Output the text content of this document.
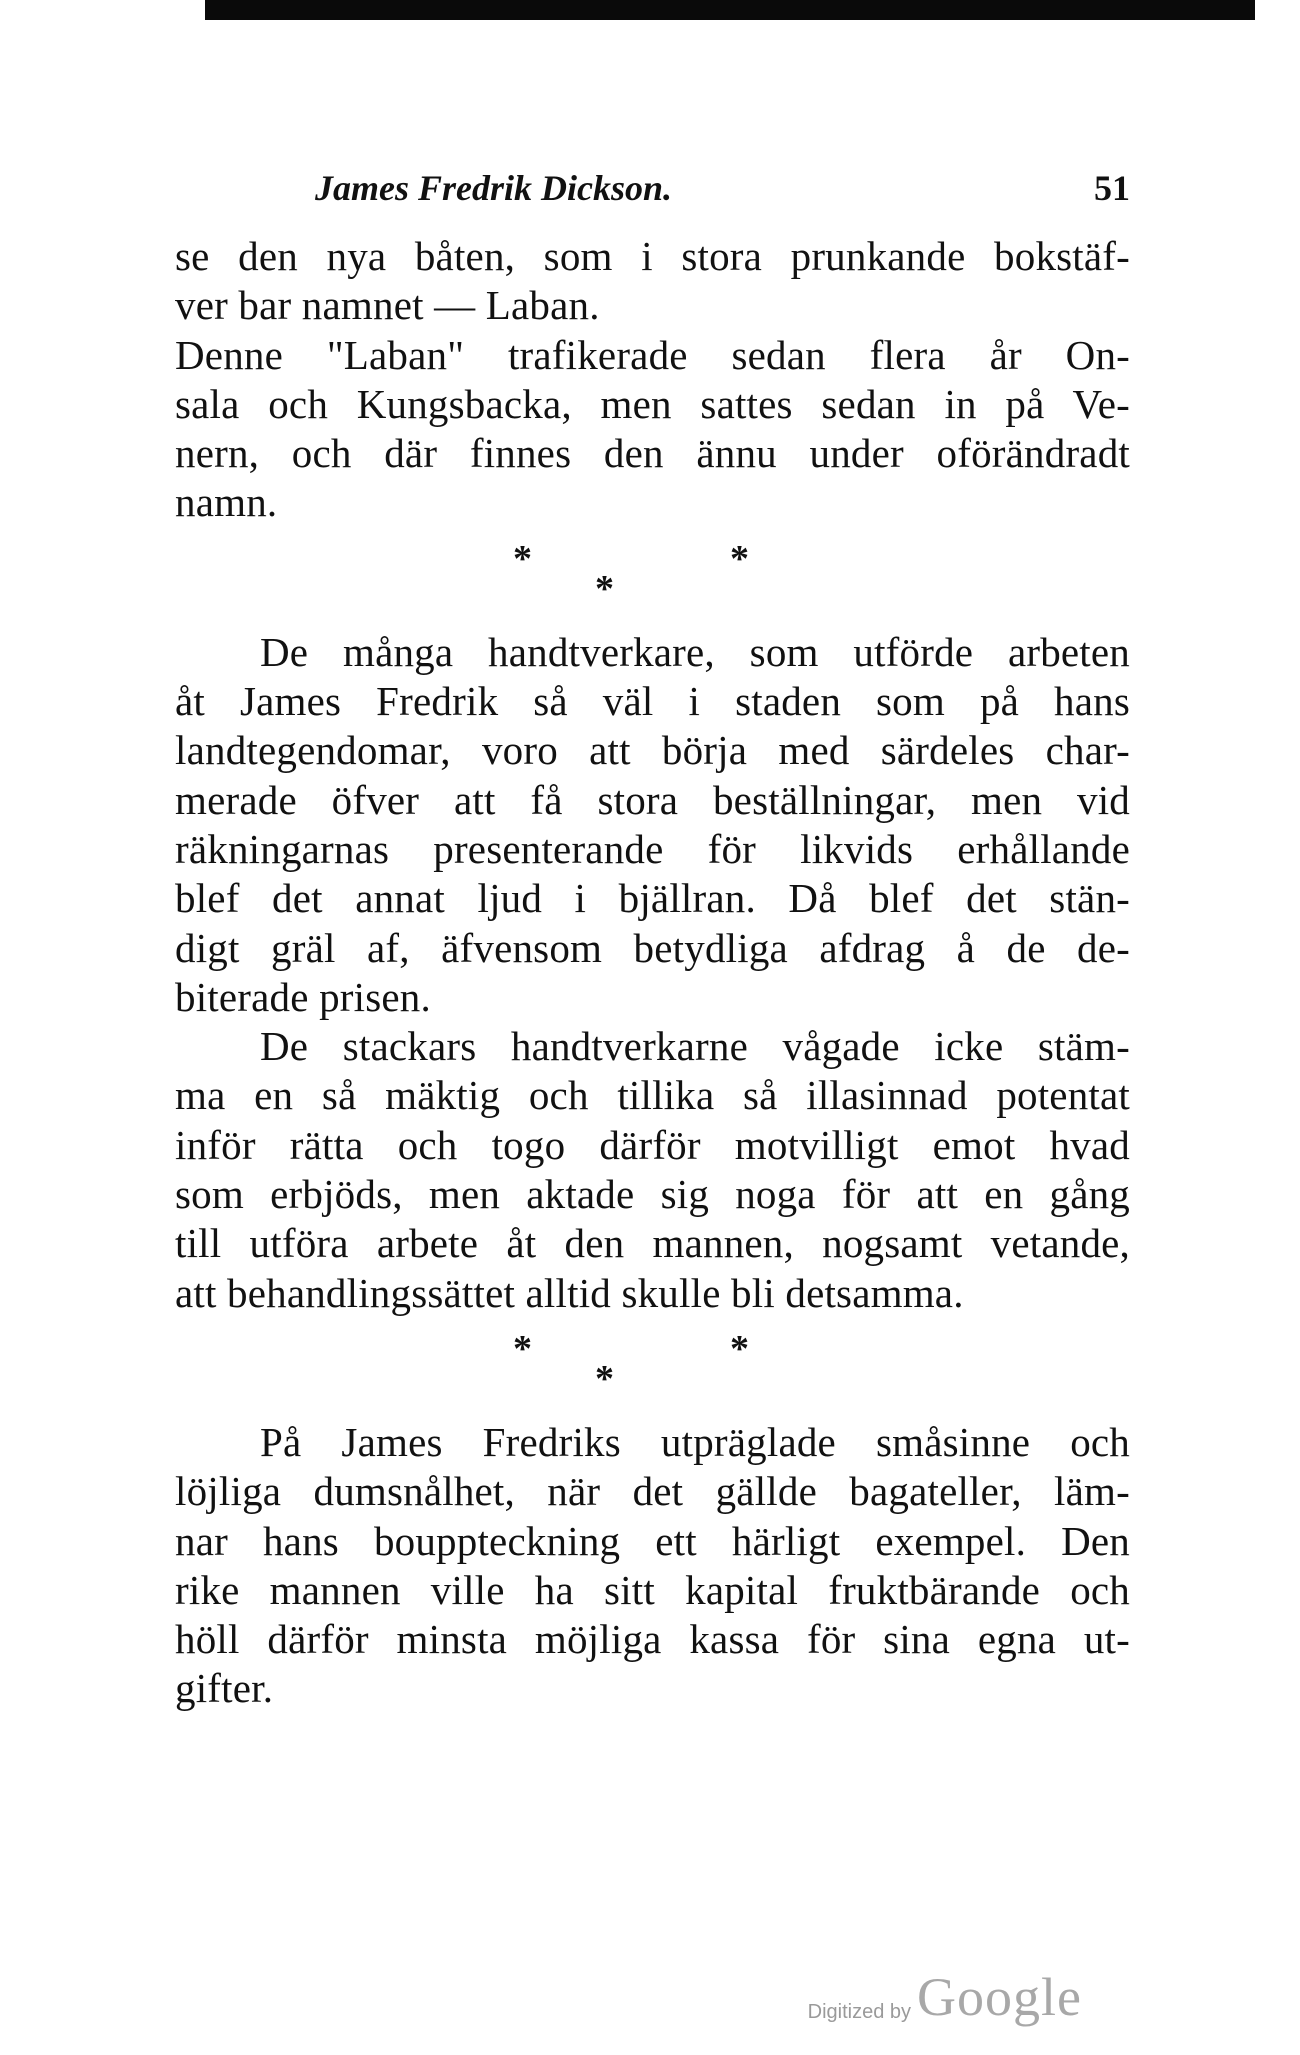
James Fredrik Dickson.	51
se den nya båten, som i stora prunkande bokstäf-
ver bar namnet — Laban.
Denne "Laban" trafikerade sedan flera år On-
sala och Kungsbacka, men sattes sedan in på Ve-
nern, och där finnes den ännu under oförändradt
namn.
*
*
*
De många handtverkare, som utförde arbeten
åt James Fredrik så väl i staden som på hans
landtegendomar, voro att börja med särdeles char-
merade öfver att få stora beställningar, men vid
räkningarnas presenterande för likvids erhållande
blef det annat ljud i bjällran. Då blef det stän-
digt gräl af, äfvensom betydliga afdrag å de de-
biterade prisen.
De stackars handtverkarne vågade icke stäm-
ma en så mäktig och tillika så illasinnad potentat
inför rätta och togo därför motvilligt emot hvad
som erbjöds, men aktade sig noga för att en gång
till utföra arbete åt den mannen, nogsamt vetande,
att behandlingssättet alltid skulle bli detsamma.
*
*
*
På James Fredriks utpräglade småsinne och
löjliga dumsnålhet, när det gällde bagateller, läm-
nar hans bouppteckning ett härligt exempel. Den
rike mannen ville ha sitt kapital fruktbärande och
höll därför minsta möjliga kassa för sina egna ut-
gifter.
Digitized by Google
